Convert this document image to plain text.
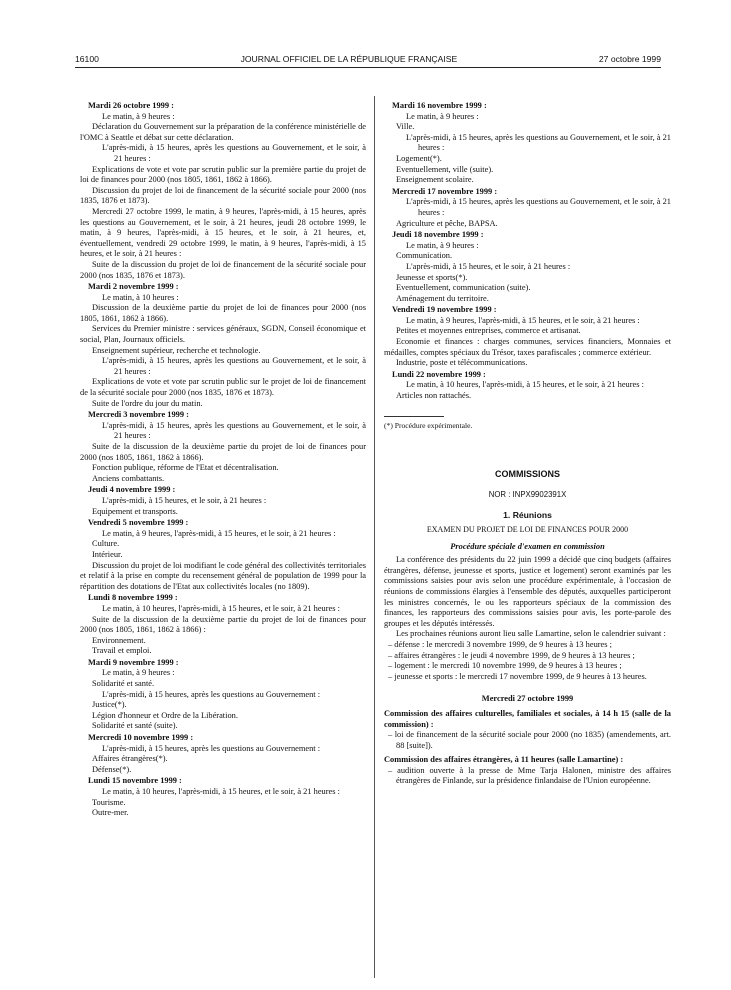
16100	JOURNAL OFFICIEL DE LA RÉPUBLIQUE FRANÇAISE	27 octobre 1999

Mardi 26 octobre 1999 :

Le matin, à 9 heures :

Déclaration du Gouvernement sur la préparation de la conférence ministérielle de l'OMC à Seattle et débat sur cette déclaration.

L'après-midi, à 15 heures, après les questions au Gouvernement, et le soir, à 21 heures :

Explications de vote et vote par scrutin public sur la première partie du projet de loi de finances pour 2000 (nos 1805, 1861, 1862 à 1866).

Discussion du projet de loi de financement de la sécurité sociale pour 2000 (nos 1835, 1876 et 1873).

Mercredi 27 octobre 1999, le matin, à 9 heures, l'après-midi, à 15 heures, après les questions au Gouvernement, et le soir, à 21 heures, jeudi 28 octobre 1999, le matin, à 9 heures, l'après-midi, à 15 heures, et le soir, à 21 heures, et, éventuellement, vendredi 29 octobre 1999, le matin, à 9 heures, l'après-midi, à 15 heures, et le soir, à 21 heures :

Suite de la discussion du projet de loi de financement de la sécurité sociale pour 2000 (nos 1835, 1876 et 1873).

Mardi 2 novembre 1999 :

Le matin, à 10 heures :

Discussion de la deuxième partie du projet de loi de finances pour 2000 (nos 1805, 1861, 1862 à 1866).

Services du Premier ministre : services généraux, SGDN, Conseil économique et social, Plan, Journaux officiels.

Enseignement supérieur, recherche et technologie.

L'après-midi, à 15 heures, après les questions au Gouvernement, et le soir, à 21 heures :

Explications de vote et vote par scrutin public sur le projet de loi de financement de la sécurité sociale pour 2000 (nos 1835, 1876 et 1873).

Suite de l'ordre du jour du matin.

Mercredi 3 novembre 1999 :

L'après-midi, à 15 heures, après les questions au Gouvernement, et le soir, à 21 heures :

Suite de la discussion de la deuxième partie du projet de loi de finances pour 2000 (nos 1805, 1861, 1862 à 1866).

Fonction publique, réforme de l'Etat et décentralisation.

Anciens combattants.

Jeudi 4 novembre 1999 :

L'après-midi, à 15 heures, et le soir, à 21 heures :

Equipement et transports.

Vendredi 5 novembre 1999 :

Le matin, à 9 heures, l'après-midi, à 15 heures, et le soir, à 21 heures :

Culture.

Intérieur.

Discussion du projet de loi modifiant le code général des collectivités territoriales et relatif à la prise en compte du recensement général de population de 1999 pour la répartition des dotations de l'Etat aux collectivités locales (no 1809).

Lundi 8 novembre 1999 :

Le matin, à 10 heures, l'après-midi, à 15 heures, et le soir, à 21 heures :

Suite de la discussion de la deuxième partie du projet de loi de finances pour 2000 (nos 1805, 1861, 1862 à 1866) :

Environnement.

Travail et emploi.

Mardi 9 novembre 1999 :

Le matin, à 9 heures :

Solidarité et santé.

L'après-midi, à 15 heures, après les questions au Gouvernement :

Justice(*).

Légion d'honneur et Ordre de la Libération.

Solidarité et santé (suite).

Mercredi 10 novembre 1999 :

L'après-midi, à 15 heures, après les questions au Gouvernement :

Affaires étrangères(*).

Défense(*).

Lundi 15 novembre 1999 :

Le matin, à 10 heures, l'après-midi, à 15 heures, et le soir, à 21 heures :

Tourisme.

Outre-mer.

Mardi 16 novembre 1999 :

Le matin, à 9 heures :

Ville.

L'après-midi, à 15 heures, après les questions au Gouvernement, et le soir, à 21 heures :

Logement(*).

Eventuellement, ville (suite).

Enseignement scolaire.

Mercredi 17 novembre 1999 :

L'après-midi, à 15 heures, après les questions au Gouvernement, et le soir, à 21 heures :

Agriculture et pêche, BAPSA.

Jeudi 18 novembre 1999 :

Le matin, à 9 heures :

Communication.

L'après-midi, à 15 heures, et le soir, à 21 heures :

Jeunesse et sports(*).

Eventuellement, communication (suite).

Aménagement du territoire.

Vendredi 19 novembre 1999 :

Le matin, à 9 heures, l'après-midi, à 15 heures, et le soir, à 21 heures :

Petites et moyennes entreprises, commerce et artisanat.

Economie et finances : charges communes, services financiers, Monnaies et médailles, comptes spéciaux du Trésor, taxes parafiscales ; commerce extérieur.

Industrie, poste et télécommunications.

Lundi 22 novembre 1999 :

Le matin, à 10 heures, l'après-midi, à 15 heures, et le soir, à 21 heures :

Articles non rattachés.

(*) Procédure expérimentale.

COMMISSIONS
NOR : INPX9902391X
1. Réunions
EXAMEN DU PROJET DE LOI DE FINANCES POUR 2000
Procédure spéciale d'examen en commission

La conférence des présidents du 22 juin 1999 a décidé que cinq budgets (affaires étrangères, défense, jeunesse et sports, justice et logement) seront examinés par les commissions saisies pour avis selon une procédure expérimentale, à l'occasion de réunions de commissions élargies à l'ensemble des députés, auxquelles participeront les ministres concernés, le ou les rapporteurs spéciaux de la commission des finances, les rapporteurs des commissions saisies pour avis, les porte-parole des groupes et les députés intéressés.

Les prochaines réunions auront lieu salle Lamartine, selon le calendrier suivant :

– défense : le mercredi 3 novembre 1999, de 9 heures à 13 heures ;

– affaires étrangères : le jeudi 4 novembre 1999, de 9 heures à 13 heures ;

– logement : le mercredi 10 novembre 1999, de 9 heures à 13 heures ;

– jeunesse et sports : le mercredi 17 novembre 1999, de 9 heures à 13 heures.

Mercredi 27 octobre 1999

Commission des affaires culturelles, familiales et sociales, à 14 h 15 (salle de la commission) :

– loi de financement de la sécurité sociale pour 2000 (no 1835) (amendements, art. 88 [suite]).

Commission des affaires étrangères, à 11 heures (salle Lamartine) :

– audition ouverte à la presse de Mme Tarja Halonen, ministre des affaires étrangères de Finlande, sur la présidence finlandaise de l'Union européenne.
